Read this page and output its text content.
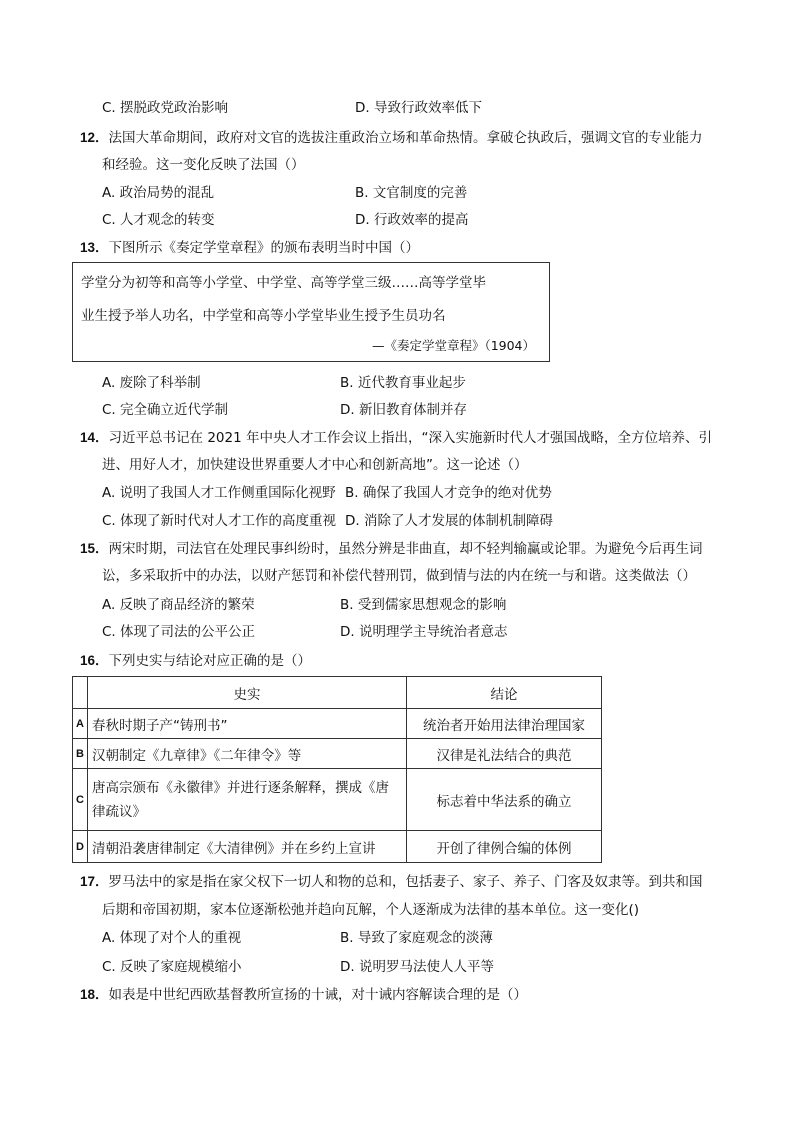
C. 摆脱政党政治影响	D. 导致行政效率低下
12．法国大革命期间，政府对文官的选拔注重政治立场和革命热情。拿破仑执政后，强调文官的专业能力
和经验。这一变化反映了法国（）
A. 政治局势的混乱	B. 文官制度的完善
C. 人才观念的转变	D. 行政效率的提高
13．下图所示《奏定学堂章程》的颁布表明当时中国（）
学堂分为初等和高等小学堂、中学堂、高等学堂三级……高等学堂毕
业生授予举人功名，中学堂和高等小学堂毕业生授予生员功名
—《奏定学堂章程》（1904）
A. 废除了科举制	B. 近代教育事业起步
C. 完全确立近代学制	D. 新旧教育体制并存
14．习近平总书记在 2021 年中央人才工作会议上指出，“深入实施新时代人才强国战略，全方位培养、引
进、用好人才，加快建设世界重要人才中心和创新高地”。这一论述（）
A. 说明了我国人才工作侧重国际化视野 B. 确保了我国人才竞争的绝对优势
C. 体现了新时代对人才工作的高度重视 D. 消除了人才发展的体制机制障碍
15．两宋时期，司法官在处理民事纠纷时，虽然分辨是非曲直，却不轻判输赢或论罪。为避免今后再生词
讼，多采取折中的办法，以财产惩罚和补偿代替刑罚，做到情与法的内在统一与和谐。这类做法（）
A. 反映了商品经济的繁荣	B. 受到儒家思想观念的影响
C. 体现了司法的公平公正	D. 说明理学主导统治者意志
16．下列史实与结论对应正确的是（）
	史实	结论
A	春秋时期子产“铸刑书”	统治者开始用法律治理国家
B	汉朝制定《九章律》《二年律令》等	汉律是礼法结合的典范
C	唐高宗颁布《永徽律》并进行逐条解释，撰成《唐律疏议》	标志着中华法系的确立
D	清朝沿袭唐律制定《大清律例》并在乡约上宣讲	开创了律例合编的体例
17．罗马法中的家是指在家父权下一切人和物的总和，包括妻子、家子、养子、门客及奴隶等。到共和国
后期和帝国初期，家本位逐渐松弛并趋向瓦解，个人逐渐成为法律的基本单位。这一变化()
A. 体现了对个人的重视	B. 导致了家庭观念的淡薄
C. 反映了家庭规模缩小	D. 说明罗马法使人人平等
18．如表是中世纪西欧基督教所宣扬的十诫，对十诫内容解读合理的是（）
